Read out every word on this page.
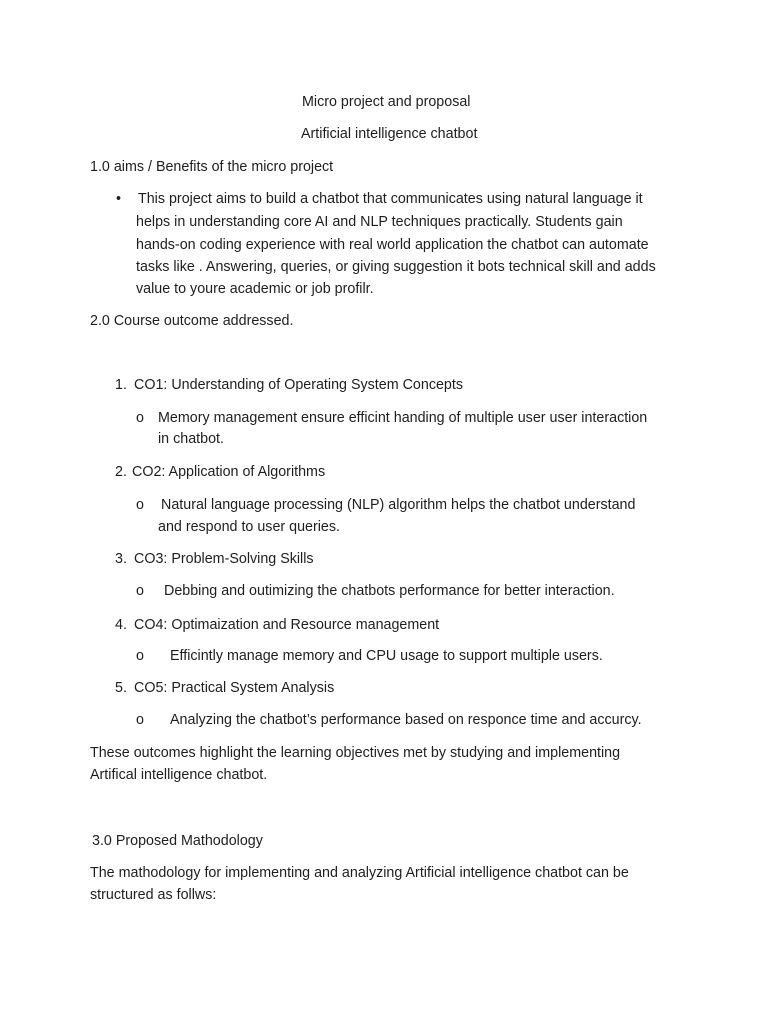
Micro project and proposal
Artificial intelligence chatbot
1.0 aims / Benefits of the micro project
• This project aims to build a chatbot that communicates using natural language it
helps in understanding core AI and NLP techniques practically. Students gain
hands-on coding experience with real world application the chatbot can automate
tasks like . Answering, queries, or giving suggestion it bots technical skill and adds
value to youre academic or job profilr.
2.0 Course outcome addressed.
1. CO1: Understanding of Operating System Concepts
o Memory management ensure efficint handing of multiple user user interaction
in chatbot.
2. CO2: Application of Algorithms
o Natural language processing (NLP) algorithm helps the chatbot understand
and respond to user queries.
3. CO3: Problem-Solving Skills
o Debbing and outimizing the chatbots performance for better interaction.
4. CO4: Optimaization and Resource management
o Efficintly manage memory and CPU usage to support multiple users.
5. CO5: Practical System Analysis
o Analyzing the chatbot’s performance based on responce time and accurcy.
These outcomes highlight the learning objectives met by studying and implementing
Artifical intelligence chatbot.
3.0 Proposed Mathodology
The mathodology for implementing and analyzing Artificial intelligence chatbot can be
structured as follws:
